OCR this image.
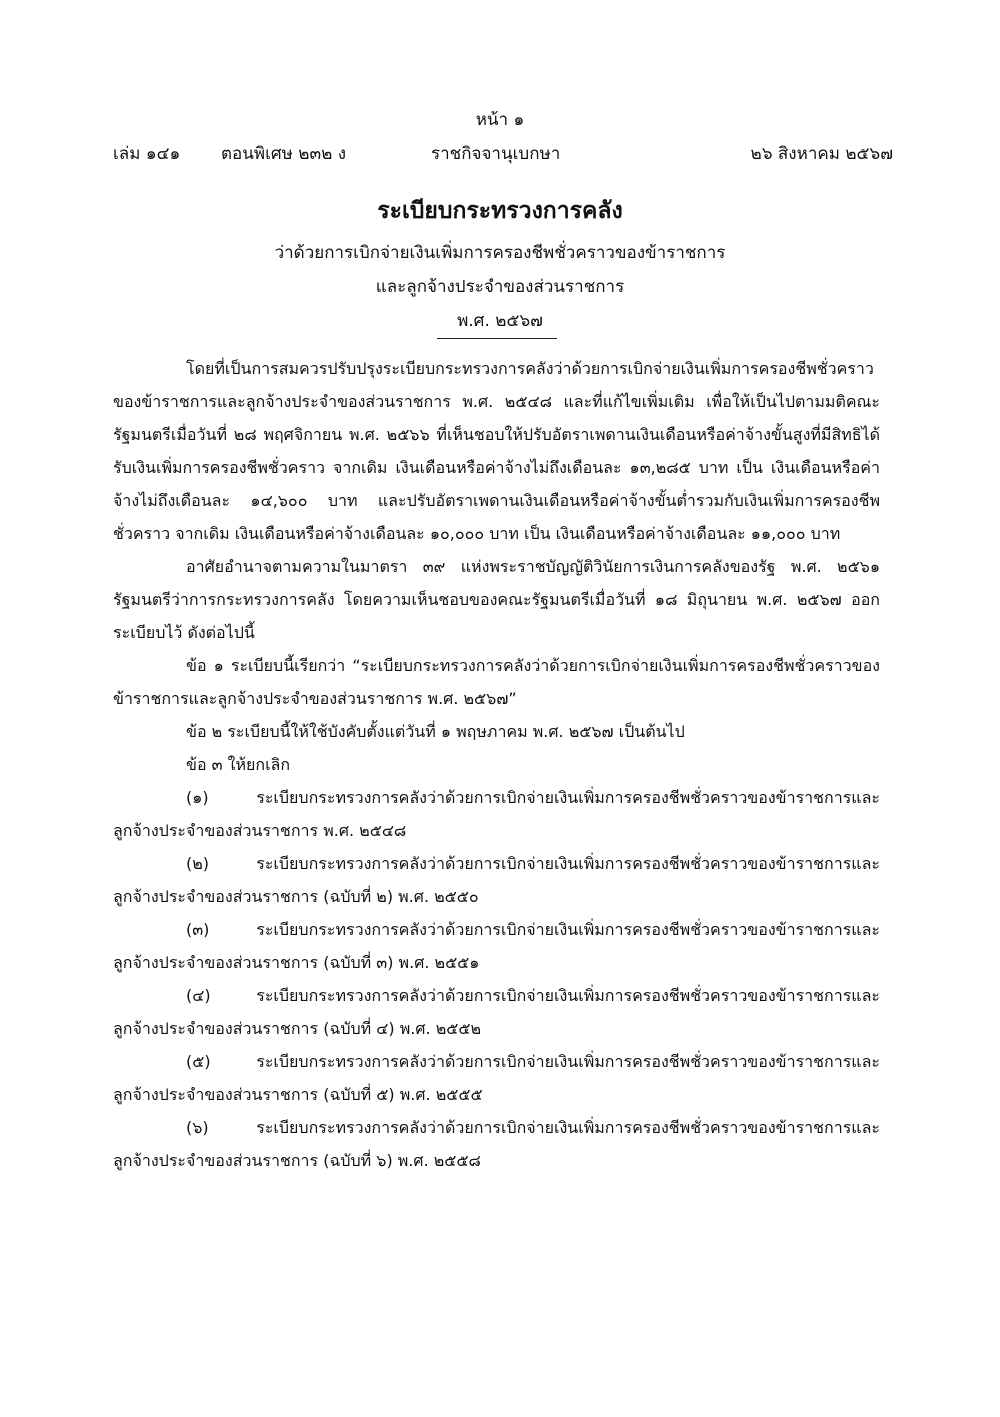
หน้า ๑
เล่ม ๑๔๑ ตอนพิเศษ ๒๓๒ ง	ราชกิจจานุเบกษา	๒๖ สิงหาคม ๒๕๖๗
ระเบียบกระทรวงการคลัง
ว่าด้วยการเบิกจ่ายเงินเพิ่มการครองชีพชั่วคราวของข้าราชการ
และลูกจ้างประจำของส่วนราชการ
พ.ศ. ๒๕๖๗

โดยที่เป็นการสมควรปรับปรุงระเบียบกระทรวงการคลังว่าด้วยการเบิกจ่ายเงินเพิ่มการครองชีพชั่วคราวของข้าราชการและลูกจ้างประจำของส่วนราชการ พ.ศ. ๒๕๔๘ และที่แก้ไขเพิ่มเติม เพื่อให้เป็นไปตามมติคณะรัฐมนตรีเมื่อวันที่ ๒๘ พฤศจิกายน พ.ศ. ๒๕๖๖ ที่เห็นชอบให้ปรับอัตราเพดานเงินเดือนหรือค่าจ้างขั้นสูงที่มีสิทธิได้รับเงินเพิ่มการครองชีพชั่วคราว จากเดิม เงินเดือนหรือค่าจ้างไม่ถึงเดือนละ ๑๓,๒๘๕ บาท เป็น เงินเดือนหรือค่าจ้างไม่ถึงเดือนละ ๑๔,๖๐๐ บาท และปรับอัตราเพดานเงินเดือนหรือค่าจ้างขั้นต่ำรวมกับเงินเพิ่มการครองชีพชั่วคราว จากเดิม เงินเดือนหรือค่าจ้างเดือนละ ๑๐,๐๐๐ บาท เป็น เงินเดือนหรือค่าจ้างเดือนละ ๑๑,๐๐๐ บาท

อาศัยอำนาจตามความในมาตรา ๓๙ แห่งพระราชบัญญัติวินัยการเงินการคลังของรัฐ พ.ศ. ๒๕๖๑ รัฐมนตรีว่าการกระทรวงการคลัง โดยความเห็นชอบของคณะรัฐมนตรีเมื่อวันที่ ๑๘ มิถุนายน พ.ศ. ๒๕๖๗ ออกระเบียบไว้ ดังต่อไปนี้

ข้อ ๑ ระเบียบนี้เรียกว่า “ระเบียบกระทรวงการคลังว่าด้วยการเบิกจ่ายเงินเพิ่มการครองชีพชั่วคราวของข้าราชการและลูกจ้างประจำของส่วนราชการ พ.ศ. ๒๕๖๗”

ข้อ ๒ ระเบียบนี้ให้ใช้บังคับตั้งแต่วันที่ ๑ พฤษภาคม พ.ศ. ๒๕๖๗ เป็นต้นไป

ข้อ ๓ ให้ยกเลิก

(๑) ระเบียบกระทรวงการคลังว่าด้วยการเบิกจ่ายเงินเพิ่มการครองชีพชั่วคราวของข้าราชการและลูกจ้างประจำของส่วนราชการ พ.ศ. ๒๕๔๘

(๒) ระเบียบกระทรวงการคลังว่าด้วยการเบิกจ่ายเงินเพิ่มการครองชีพชั่วคราวของข้าราชการและลูกจ้างประจำของส่วนราชการ (ฉบับที่ ๒) พ.ศ. ๒๕๕๐

(๓) ระเบียบกระทรวงการคลังว่าด้วยการเบิกจ่ายเงินเพิ่มการครองชีพชั่วคราวของข้าราชการและลูกจ้างประจำของส่วนราชการ (ฉบับที่ ๓) พ.ศ. ๒๕๕๑

(๔) ระเบียบกระทรวงการคลังว่าด้วยการเบิกจ่ายเงินเพิ่มการครองชีพชั่วคราวของข้าราชการและลูกจ้างประจำของส่วนราชการ (ฉบับที่ ๔) พ.ศ. ๒๕๕๒

(๕) ระเบียบกระทรวงการคลังว่าด้วยการเบิกจ่ายเงินเพิ่มการครองชีพชั่วคราวของข้าราชการและลูกจ้างประจำของส่วนราชการ (ฉบับที่ ๕) พ.ศ. ๒๕๕๕

(๖) ระเบียบกระทรวงการคลังว่าด้วยการเบิกจ่ายเงินเพิ่มการครองชีพชั่วคราวของข้าราชการและลูกจ้างประจำของส่วนราชการ (ฉบับที่ ๖) พ.ศ. ๒๕๕๘
